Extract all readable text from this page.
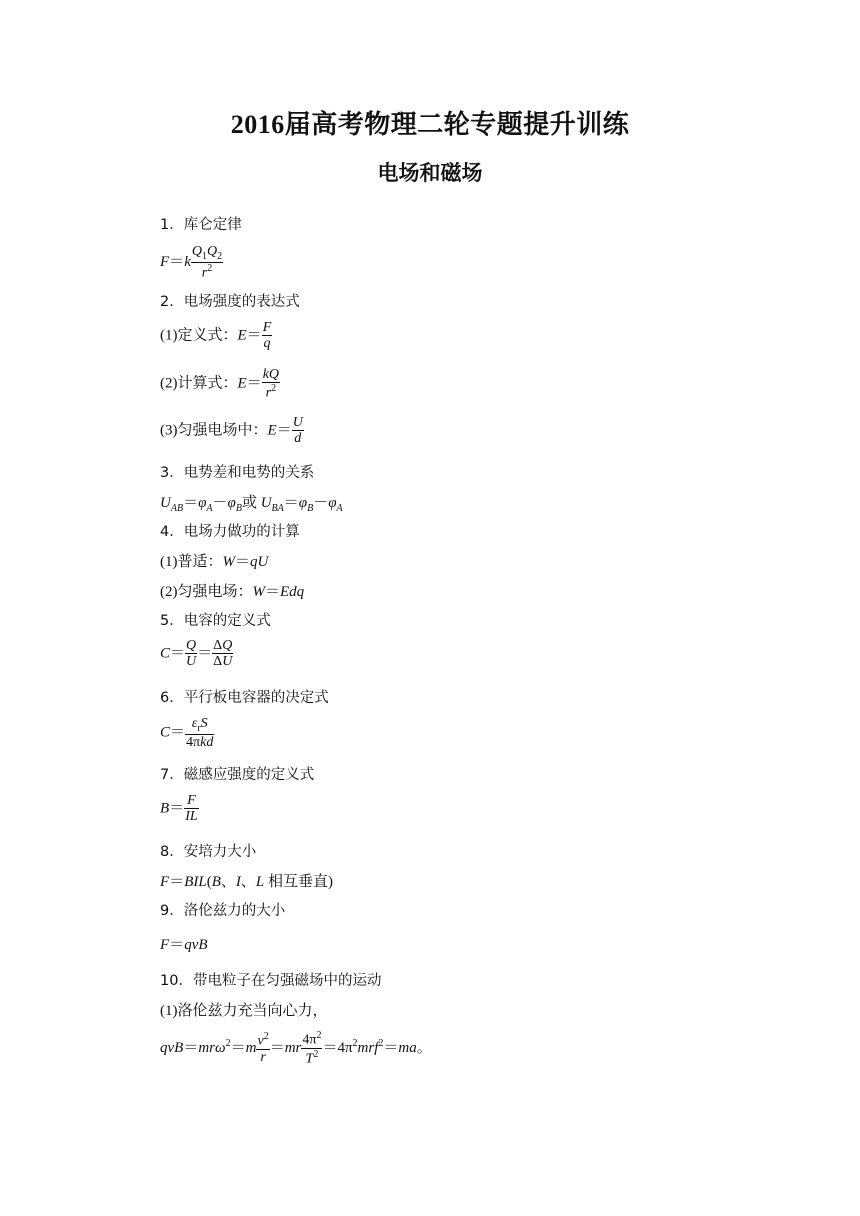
2016届高考物理二轮专题提升训练
电场和磁场
1．库仑定律
$F=k \frac{Q_1Q_2}{r^2}$
2．电场强度的表达式
(1)定义式：$E= \frac{F}{q}$
(2)计算式：$E= \frac{kQ}{r^2}$
(3)匀强电场中：$E= \frac{U}{d}$
3．电势差和电势的关系
$U_{AB}=\varphi_A-\varphi_B$或 $U_{BA}=\varphi_B-\varphi_A$
4．电场力做功的计算
(1)普适：W＝qU
(2)匀强电场：W＝Edq
5．电容的定义式
$C= \frac{Q}{U} = \frac{\Delta Q}{\Delta U}$
6．平行板电容器的决定式
$C= \frac{\varepsilon_rS}{\text{4πkd}}$
7．磁感应强度的定义式
$B= \frac{F}{IL}$
8．安培力大小
F＝BIL(B、I、L 相互垂直)
9．洛伦兹力的大小
F＝qvB
10．带电粒子在匀强磁场中的运动
(1)洛伦兹力充当向心力，
$qvB=mr\omega^2=m \frac{v^2}{r} =mr \frac{4\pi^2}{T^2} =4\pi^2mrf^2=ma$。
